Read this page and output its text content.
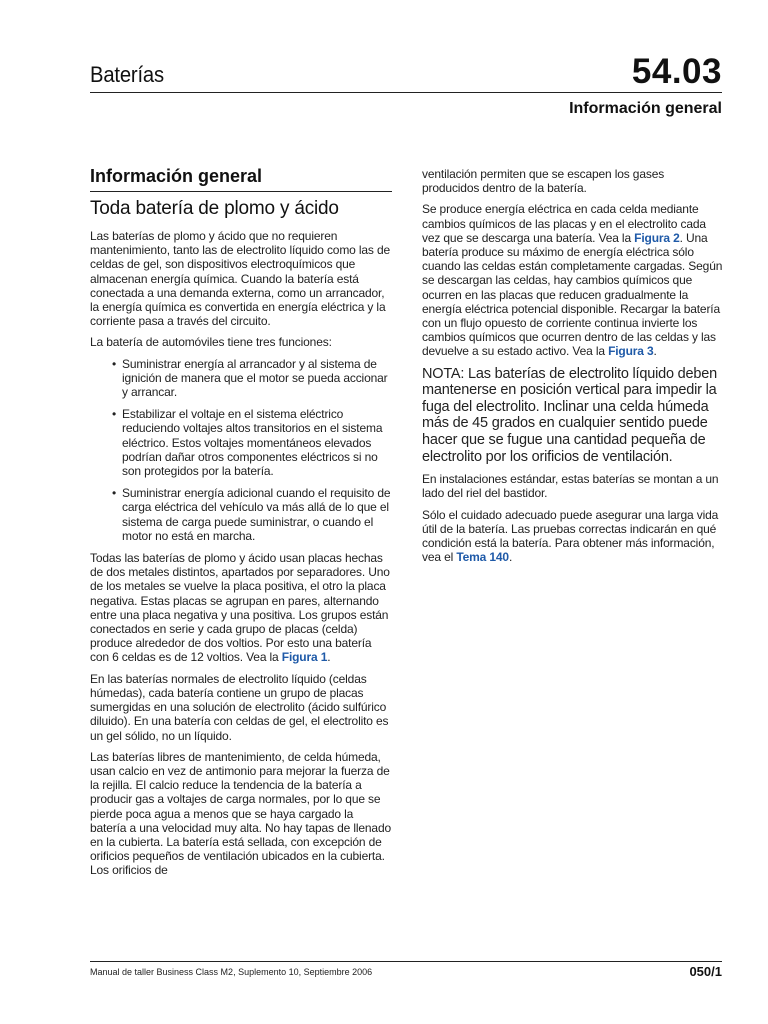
Baterías	54.03
Información general
Información general
Toda batería de plomo y ácido

Las baterías de plomo y ácido que no requieren mantenimiento, tanto las de electrolito líquido como las de celdas de gel, son dispositivos electroquímicos que almacenan energía química. Cuando la batería está conectada a una demanda externa, como un arrancador, la energía química es convertida en energía eléctrica y la corriente pasa a través del circuito.

La batería de automóviles tiene tres funciones:

• Suministrar energía al arrancador y al sistema de ignición de manera que el motor se pueda accionar y arrancar.
• Estabilizar el voltaje en el sistema eléctrico reduciendo voltajes altos transitorios en el sistema eléctrico. Estos voltajes momentáneos elevados podrían dañar otros componentes eléctricos si no son protegidos por la batería.
• Suministrar energía adicional cuando el requisito de carga eléctrica del vehículo va más allá de lo que el sistema de carga puede suministrar, o cuando el motor no está en marcha.

Todas las baterías de plomo y ácido usan placas hechas de dos metales distintos, apartados por separadores. Uno de los metales se vuelve la placa positiva, el otro la placa negativa. Estas placas se agrupan en pares, alternando entre una placa negativa y una positiva. Los grupos están conectados en serie y cada grupo de placas (celda) produce alrededor de dos voltios. Por esto una batería con 6 celdas es de 12 voltios. Vea la Figura 1.

En las baterías normales de electrolito líquido (celdas húmedas), cada batería contiene un grupo de placas sumergidas en una solución de electrolito (ácido sulfúrico diluido). En una batería con celdas de gel, el electrolito es un gel sólido, no un líquido.

Las baterías libres de mantenimiento, de celda húmeda, usan calcio en vez de antimonio para mejorar la fuerza de la rejilla. El calcio reduce la tendencia de la batería a producir gas a voltajes de carga normales, por lo que se pierde poca agua a menos que se haya cargado la batería a una velocidad muy alta. No hay tapas de llenado en la cubierta. La batería está sellada, con excepción de orificios pequeños de ventilación ubicados en la cubierta. Los orificios de

ventilación permiten que se escapen los gases producidos dentro de la batería.

Se produce energía eléctrica en cada celda mediante cambios químicos de las placas y en el electrolito cada vez que se descarga una batería. Vea la Figura 2. Una batería produce su máximo de energía eléctrica sólo cuando las celdas están completamente cargadas. Según se descargan las celdas, hay cambios químicos que ocurren en las placas que reducen gradualmente la energía eléctrica potencial disponible. Recargar la batería con un flujo opuesto de corriente continua invierte los cambios químicos que ocurren dentro de las celdas y las devuelve a su estado activo. Vea la Figura 3.

NOTA: Las baterías de electrolito líquido deben mantenerse en posición vertical para impedir la fuga del electrolito. Inclinar una celda húmeda más de 45 grados en cualquier sentido puede hacer que se fugue una cantidad pequeña de electrolito por los orificios de ventilación.

En instalaciones estándar, estas baterías se montan a un lado del riel del bastidor.

Sólo el cuidado adecuado puede asegurar una larga vida útil de la batería. Las pruebas correctas indicarán en qué condición está la batería. Para obtener más información, vea el Tema 140.

Manual de taller Business Class M2, Suplemento 10, Septiembre 2006	050/1
